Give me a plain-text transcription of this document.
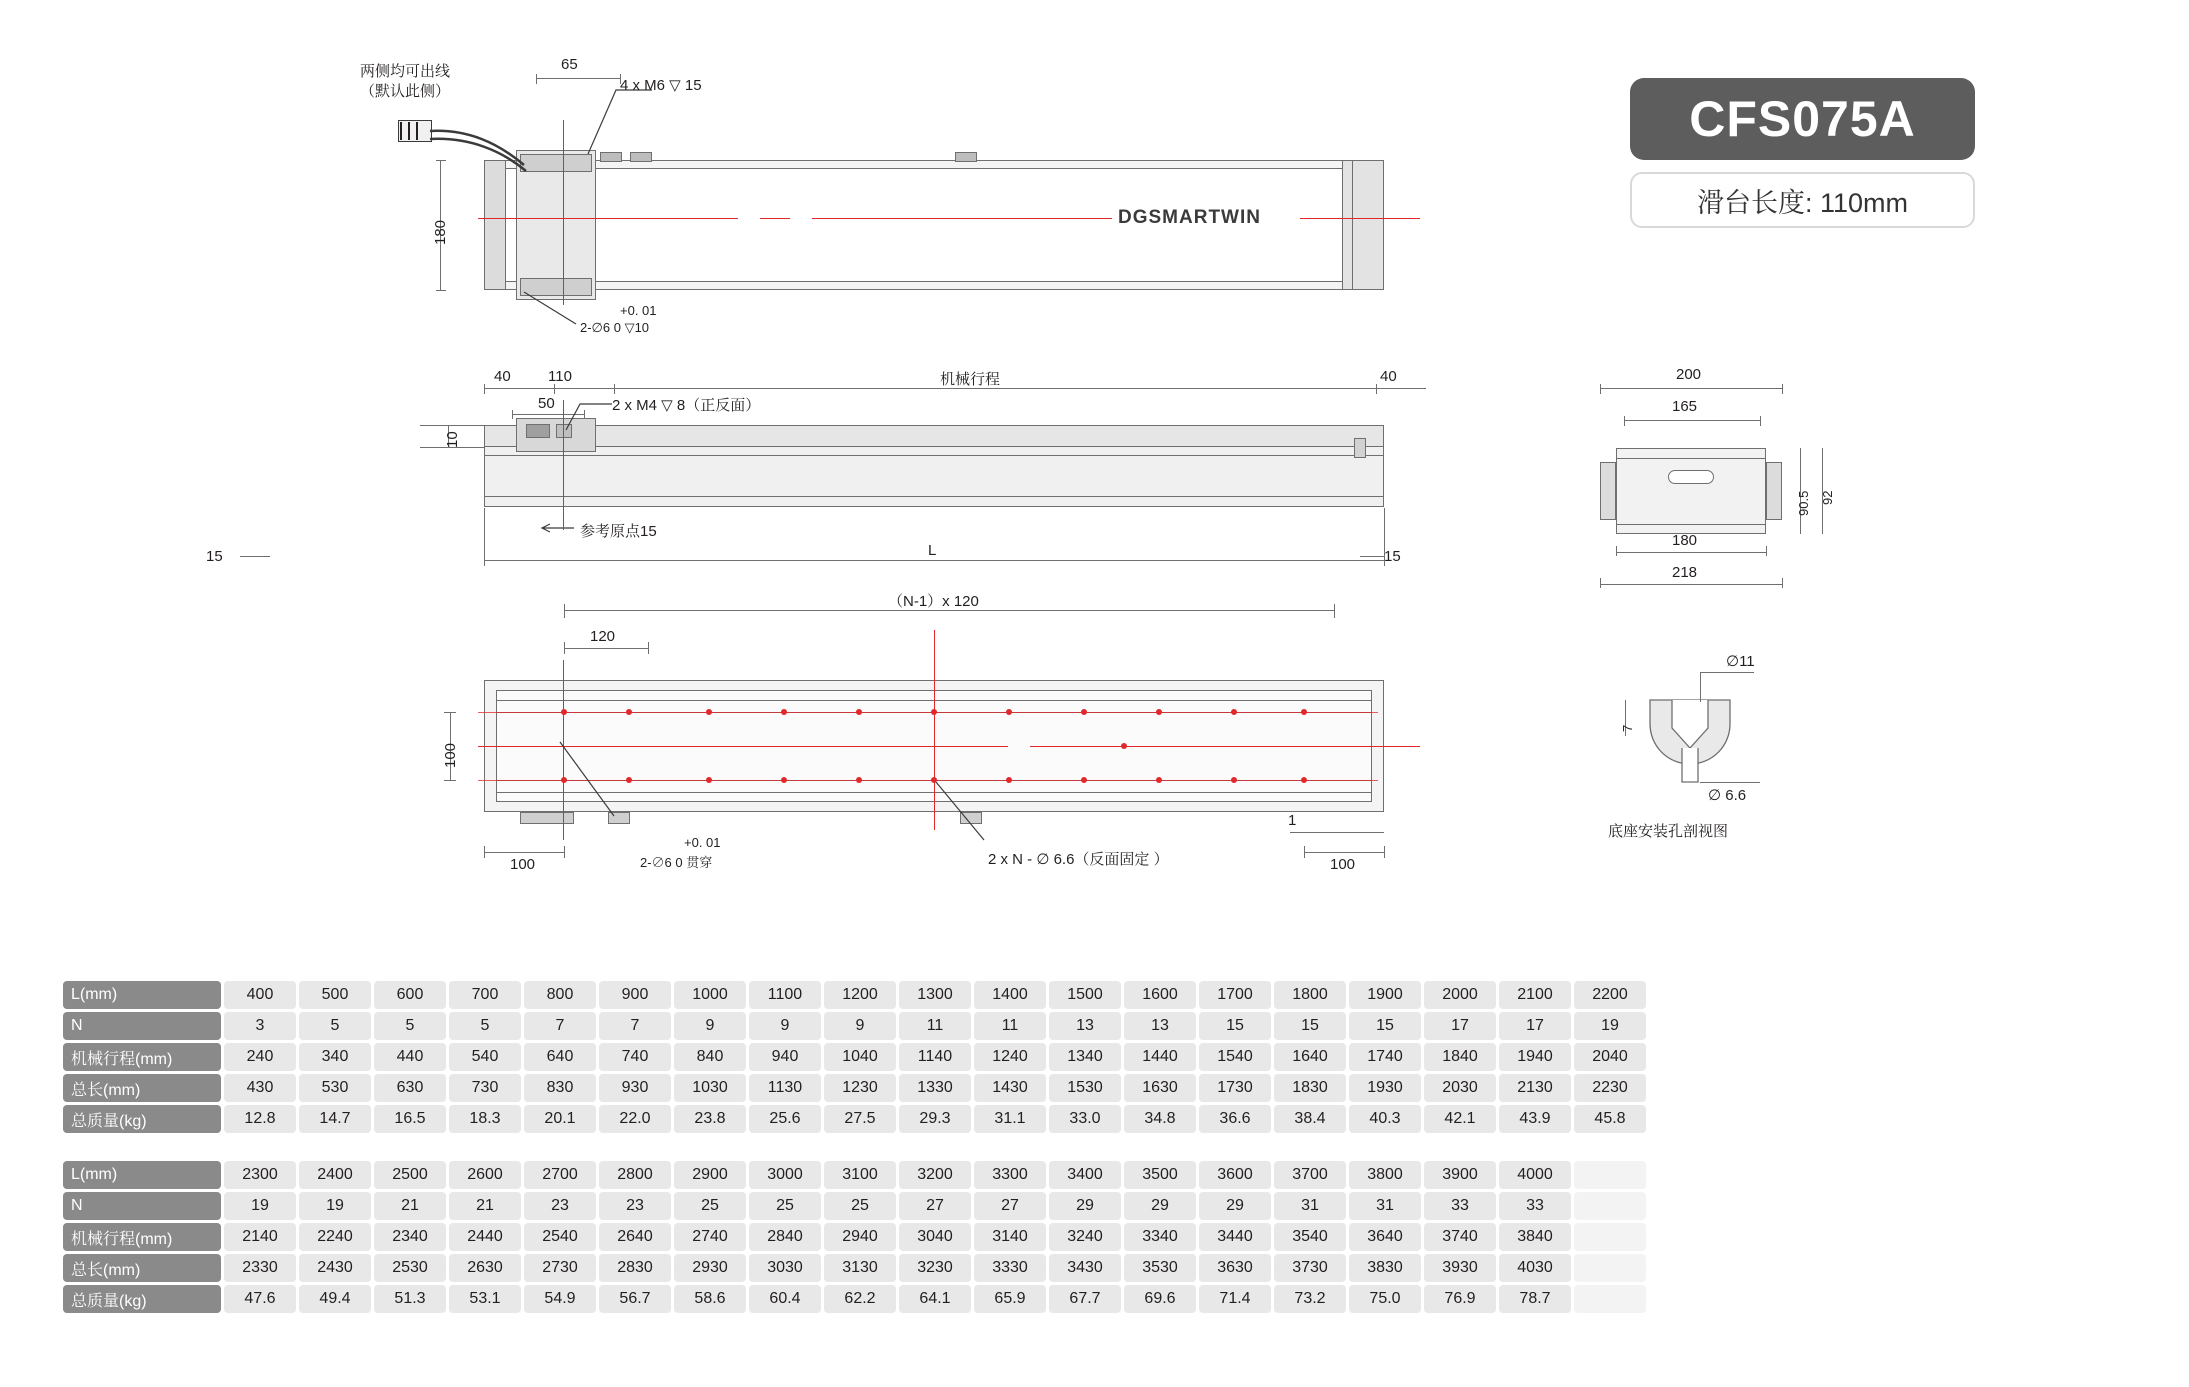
CFS075A
滑台长度: 110mm
DGSMARTWIN
65
4 x M6 ▽ 15
两侧均可出线
（默认此侧）
180
+0. 01
2-∅6 0 ▽10
10
40 110
50	2 x M4 ▽ 8（正反面）
机械行程	40
参考原点15
L
15	15
200
165
180
218
90.5 92
（N-1）x 120
120
100
100	100
1
+0. 01
2-∅6 0 贯穿	2 x N - ∅ 6.6（反面固定 ）
∅11
∅ 6.6
7
底座安装孔剖视图
L(mm)	400	500	600	700	800	900	1000	1100	1200	1300	1400	1500	1600	1700	1800	1900	2000	2100	2200
N	3	5	5	5	7	7	9	9	9	11	11	13	13	15	15	15	17	17	19
机械行程(mm)	240	340	440	540	640	740	840	940	1040	1140	1240	1340	1440	1540	1640	1740	1840	1940	2040
总长(mm)	430	530	630	730	830	930	1030	1130	1230	1330	1430	1530	1630	1730	1830	1930	2030	2130	2230
总质量(kg)	12.8	14.7	16.5	18.3	20.1	22.0	23.8	25.6	27.5	29.3	31.1	33.0	34.8	36.6	38.4	40.3	42.1	43.9	45.8
L(mm)	2300	2400	2500	2600	2700	2800	2900	3000	3100	3200	3300	3400	3500	3600	3700	3800	3900	4000	
N	19	19	21	21	23	23	25	25	25	27	27	29	29	29	31	31	33	33	
机械行程(mm)	2140	2240	2340	2440	2540	2640	2740	2840	2940	3040	3140	3240	3340	3440	3540	3640	3740	3840	
总长(mm)	2330	2430	2530	2630	2730	2830	2930	3030	3130	3230	3330	3430	3530	3630	3730	3830	3930	4030	
总质量(kg)	47.6	49.4	51.3	53.1	54.9	56.7	58.6	60.4	62.2	64.1	65.9	67.7	69.6	71.4	73.2	75.0	76.9	78.7	
